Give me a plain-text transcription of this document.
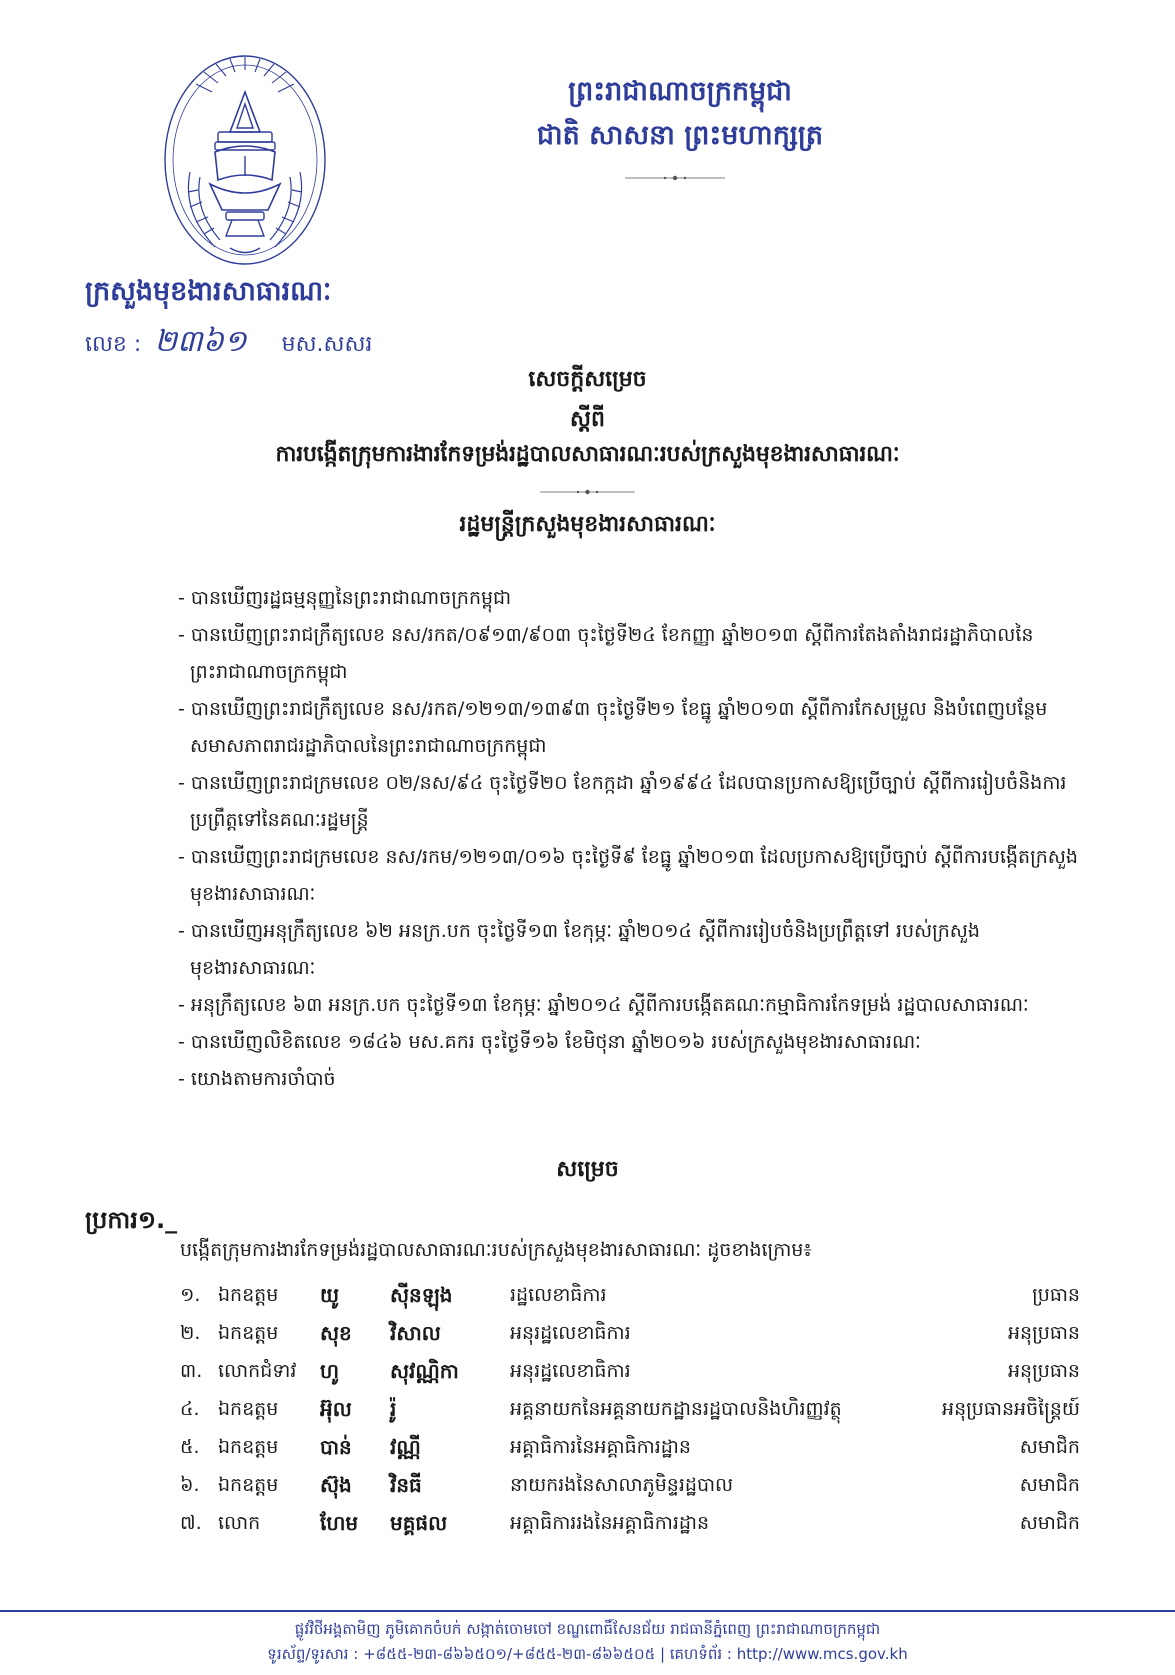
ព្រះរាជាណាចក្រកម្ពុជា
ជាតិ សាសនា ព្រះមហាក្សត្រ
ក្រសួងមុខងារសាធារណៈ
លេខ : ២៣៦១ មស.សសរ
សេចក្តីសម្រេច
ស្តីពី
ការបង្កើតក្រុមការងារកែទម្រង់រដ្ឋបាលសាធារណៈរបស់ក្រសួងមុខងារសាធារណៈ
រដ្ឋមន្ត្រីក្រសួងមុខងារសាធារណៈ
- បានឃើញរដ្ឋធម្មនុញ្ញនៃព្រះរាជាណាចក្រកម្ពុជា
- បានឃើញព្រះរាជក្រឹត្យលេខ នស/រកត/០៩១៣/៩០៣ ចុះថ្ងៃទី២៤ ខែកញ្ញា ឆ្នាំ២០១៣ ស្តីពីការតែងតាំងរាជរដ្ឋាភិបាលនៃព្រះរាជាណាចក្រកម្ពុជា
- បានឃើញព្រះរាជក្រឹត្យលេខ នស/រកត/១២១៣/១៣៩៣ ចុះថ្ងៃទី២១ ខែធ្នូ ឆ្នាំ២០១៣ ស្តីពីការកែសម្រួល និងបំពេញបន្ថែមសមាសភាពរាជរដ្ឋាភិបាលនៃព្រះរាជាណាចក្រកម្ពុជា
- បានឃើញព្រះរាជក្រមលេខ ០២/នស/៩៤ ចុះថ្ងៃទី២០ ខែកក្កដា ឆ្នាំ១៩៩៤ ដែលបានប្រកាសឱ្យប្រើច្បាប់ ស្តីពីការរៀបចំនិងការប្រព្រឹត្តទៅនៃគណៈរដ្ឋមន្ត្រី
- បានឃើញព្រះរាជក្រមលេខ នស/រកម/១២១៣/០១៦ ចុះថ្ងៃទី៩ ខែធ្នូ ឆ្នាំ២០១៣ ដែលប្រកាសឱ្យប្រើច្បាប់ ស្តីពីការបង្កើតក្រសួងមុខងារសាធារណៈ
- បានឃើញអនុក្រឹត្យលេខ ៦២ អនក្រ.បក ចុះថ្ងៃទី១៣ ខែកុម្ភៈ ឆ្នាំ២០១៤ ស្តីពីការរៀបចំនិងប្រព្រឹត្តទៅ របស់ក្រសួងមុខងារសាធារណៈ
- អនុក្រឹត្យលេខ ៦៣ អនក្រ.បក ចុះថ្ងៃទី១៣ ខែកុម្ភៈ ឆ្នាំ២០១៤ ស្តីពីការបង្កើតគណៈកម្មាធិការកែទម្រង់ រដ្ឋបាលសាធារណៈ
- បានឃើញលិខិតលេខ ១៨៤៦ មស.គករ ចុះថ្ងៃទី១៦ ខែមិថុនា ឆ្នាំ២០១៦ របស់ក្រសួងមុខងារសាធារណៈ
- យោងតាមការចាំបាច់
សម្រេច
ប្រការ១._
បង្កើតក្រុមការងារកែទម្រង់រដ្ឋបាលសាធារណៈរបស់ក្រសួងមុខងារសាធារណៈ ដូចខាងក្រោម៖
១. ឯកឧត្តម យូ	ស៊ីនឡុង	រដ្ឋលេខាធិការ	ប្រធាន
២. ឯកឧត្តម សុខ វិសាល	អនុរដ្ឋលេខាធិការ	អនុប្រធាន
៣. លោកជំទាវ ហូ	សុវណ្ណិកា	អនុរដ្ឋលេខាធិការ	អនុប្រធាន
៤. ឯកឧត្តម អ៊ុល រ៉ូ	អគ្គនាយកនៃអគ្គនាយកដ្ឋានរដ្ឋបាលនិងហិរញ្ញវត្ថុ	អនុប្រធានអចិន្ត្រៃយ៍
៥. ឯកឧត្តម បាន់ វណ្ណី	អគ្គាធិការនៃអគ្គាធិការដ្ឋាន	សមាជិក
៦. ឯកឧត្តម ស៊ុង វិនធី	នាយករងនៃសាលាភូមិន្ទរដ្ឋបាល	សមាជិក
៧. លោក	ហែម មគ្គផល	អគ្គាធិការរងនៃអគ្គាធិការដ្ឋាន	សមាជិក
ផ្លូវវិថីអង្គតាមិញ ភូមិគោកចំបក់ សង្កាត់ចោមចៅ ខណ្ឌពោធិ៍សែនជ័យ រាជធានីភ្នំពេញ ព្រះរាជាណាចក្រកម្ពុជា
ទូរស័ព្ទ/ទូរសារ : +៨៥៥-២៣-៨៦៦៥០១/+៨៥៥-២៣-៨៦៦៥០៥ | គេហទំព័រ : http://www.mcs.gov.kh
